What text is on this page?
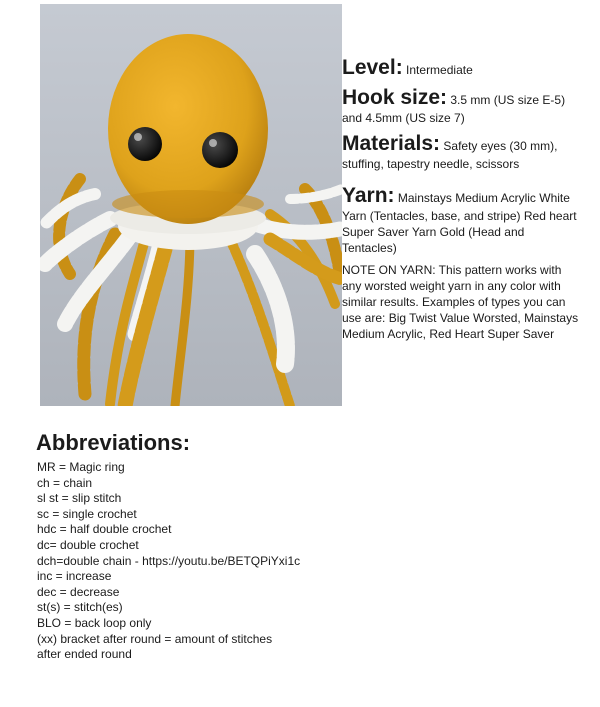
Level: Intermediate

Hook size: 3.5 mm (US size E-5) and 4.5mm (US size 7)

Materials: Safety eyes (30 mm),

stuffing, tapestry needle, scissors

Yarn: Mainstays Medium Acrylic White Yarn (Tentacles, base, and stripe) Red heart Super Saver Yarn Gold (Head and Tentacles)

NOTE ON YARN: This pattern works with any worsted weight yarn in any color with similar results. Examples of types you can use are: Big Twist Value Worsted, Mainstays Medium Acrylic, Red Heart Super Saver

Abbreviations:
MR = Magic ring
ch = chain
sl st = slip stitch
sc = single crochet
hdc = half double crochet
dc= double crochet
dch=double chain - https://youtu.be/BETQPiYxi1c
inc = increase
dec = decrease
st(s) = stitch(es)
BLO = back loop only
(xx) bracket after round = amount of stitches
after ended round
